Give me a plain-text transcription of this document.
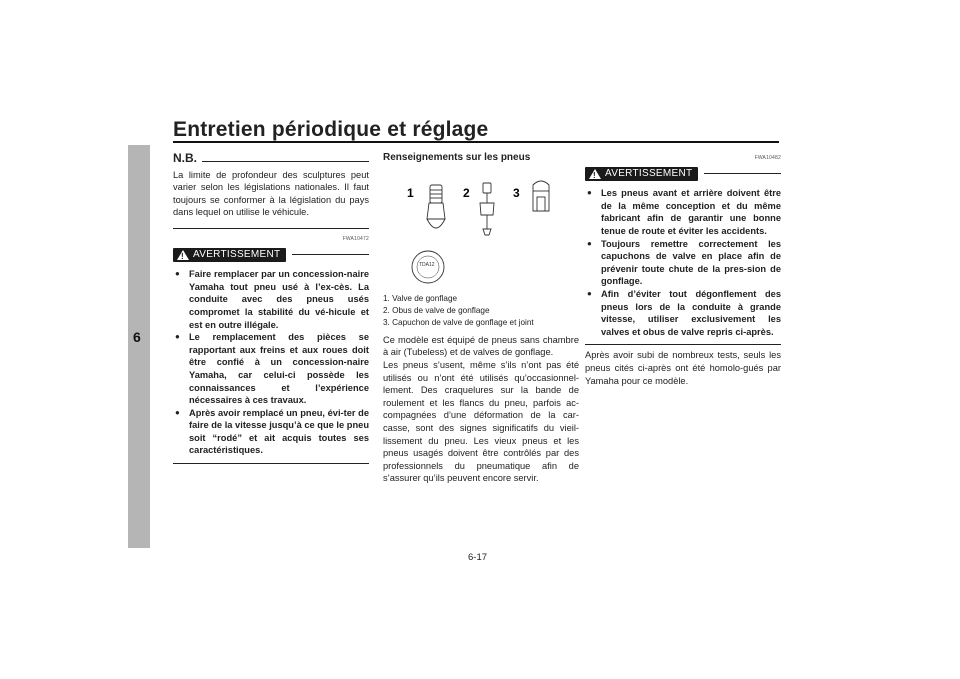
Entretien périodique et réglage
6
N.B.

La limite de profondeur des sculptures peut varier selon les législations nationales. Il faut toujours se conformer à la législation du pays dans lequel on utilise le véhicule.

FWA10472
!
AVERTISSEMENT
● Faire remplacer par un concession-naire Yamaha tout pneu usé à l’ex-cès. La conduite avec des pneus usés compromet la stabilité du vé-hicule et est en outre illégale.
● Le remplacement des pièces se rapportant aux freins et aux roues doit être confié à un concession-naire Yamaha, car celui-ci possède les connaissances et l’expérience nécessaires à ces travaux.
● Après avoir remplacé un pneu, évi-ter de faire de la vitesse jusqu’à ce que le pneu soit “rodé” et ait acquis toutes ses caractéristiques.
Renseignements sur les pneus
1	2	3
TDA12
1. Valve de gonflage
2. Obus de valve de gonflage
3. Capuchon de valve de gonflage et joint

Ce modèle est équipé de pneus sans chambre à air (Tubeless) et de valves de gonflage.

Les pneus s’usent, même s’ils n’ont pas été utilisés ou n’ont été utilisés qu’occasionnel-lement. Des craquelures sur la bande de roulement et les flancs du pneu, parfois ac-compagnées d’une déformation de la car-casse, sont des signes significatifs du vieil-lissement du pneu. Les vieux pneus et les pneus usagés doivent être contrôlés par des professionnels du pneumatique afin de s’assurer qu’ils peuvent encore servir.

FWA10482
!
AVERTISSEMENT
● Les pneus avant et arrière doivent être de la même conception et du même fabricant afin de garantir une bonne tenue de route et éviter les accidents.
● Toujours remettre correctement les capuchons de valve en place afin de prévenir toute chute de la pres-sion de gonflage.
● Afin d’éviter tout dégonflement des pneus lors de la conduite à grande vitesse, utiliser exclusivement les valves et obus de valve repris ci-après.

Après avoir subi de nombreux tests, seuls les pneus cités ci-après ont été homolo-gués par Yamaha pour ce modèle.

6-17
